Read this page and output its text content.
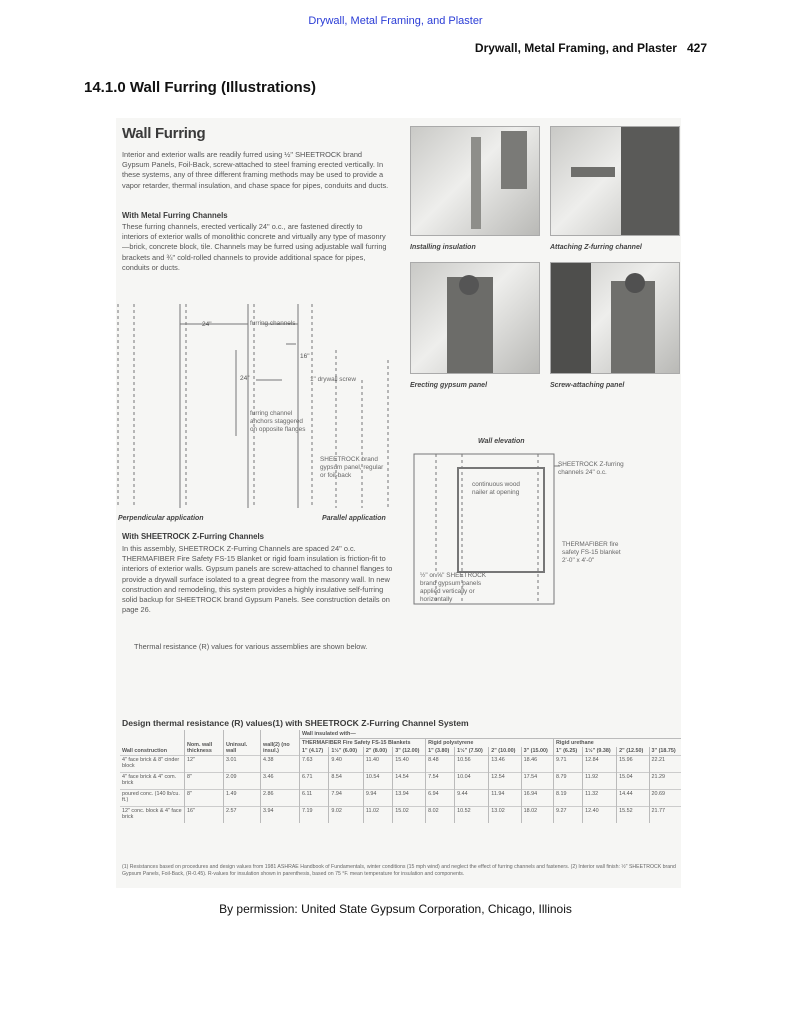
Drywall, Metal Framing, and Plaster
Drywall, Metal Framing, and Plaster 427
14.1.0 Wall Furring (Illustrations)
Wall Furring
Interior and exterior walls are readily furred using ½" SHEETROCK brand Gypsum Panels, Foil-Back, screw-attached to steel framing erected vertically. In these systems, any of three different framing methods may be used to provide a vapor retarder, thermal insulation, and chase space for pipes, conduits and ducts.
With Metal Furring Channels
These furring channels, erected vertically 24" o.c., are fastened directly to interiors of exterior walls of monolithic concrete and virtually any type of masonry—brick, concrete block, tile. Channels may be furred using adjustable wall furring brackets and ¾" cold-rolled channels to provide additional space for pipes, conduits or ducts.
24"
24"
16"
furring channels
1" drywall screw
furring channel anchors staggered on opposite flanges
SHEETROCK brand gypsum panel, regular or foil-back
Perpendicular application	Parallel application
With SHEETROCK Z-Furring Channels
In this assembly, SHEETROCK Z-Furring Channels are spaced 24" o.c. THERMAFIBER Fire Safety FS-15 Blanket or rigid foam insulation is friction-fit to interiors of exterior walls. Gypsum panels are screw-attached to channel flanges to provide a drywall surface isolated to a great degree from the masonry wall. In new construction and remodeling, this system provides a highly insulative self-furring solid backup for SHEETROCK brand Gypsum Panels. See construction details on page 26.
Thermal resistance (R) values for various assemblies are shown below.
Installing insulation	Attaching Z-furring channel
Erecting gypsum panel	Screw-attaching panel
Wall elevation
SHEETROCK Z-furring channels 24" o.c.
continuous wood nailer at opening
THERMAFIBER fire safety FS-15 blanket 2'-0" x 4'-0"
½" or ⅝" SHEETROCK brand gypsum panels applied vertically or horizontally
Design thermal resistance (R) values(1) with SHEETROCK Z-Furring Channel System
Wall construction	Nom. wall thickness	Uninsul. wall	wall(2) (no insul.)	Wall insulated with—											
				THERMAFIBER Fire Safety FS-15 Blankets				Rigid polystyrene				Rigid urethane			
				1" (4.17)	1½" (6.00)	2" (8.00)	3" (12.00)	1" (3.80)	1½" (7.50)	2" (10.00)	3" (15.00)	1" (6.25)	1½" (9.38)	2" (12.50)	3" (18.75)
4" face brick & 8" cinder block	12"	3.01	4.38	7.63	9.40	11.40	15.40	8.48	10.56	13.46	18.46	9.71	12.84	15.96	22.21
4" face brick & 4" com. brick	8"	2.09	3.46	6.71	8.54	10.54	14.54	7.54	10.04	12.54	17.54	8.79	11.92	15.04	21.29
poured conc. (140 lb/cu. ft.)	8"	1.49	2.86	6.11	7.94	9.94	13.94	6.94	9.44	11.94	16.94	8.19	11.32	14.44	20.69
12" conc. block & 4" face brick	16"	2.57	3.94	7.19	9.02	11.02	15.02	8.02	10.52	13.02	18.02	9.27	12.40	15.52	21.77
(1) Resistances based on procedures and design values from 1981 ASHRAE Handbook of Fundamentals, winter conditions (15 mph wind) and neglect the effect of furring channels and fasteners. (2) Interior wall finish: ½" SHEETROCK brand Gypsum Panels, Foil-Back, (R-0.45). R-values for insulation shown in parenthesis, based on 75 °F. mean temperature for insulation and components.
By permission: United State Gypsum Corporation, Chicago, Illinois
